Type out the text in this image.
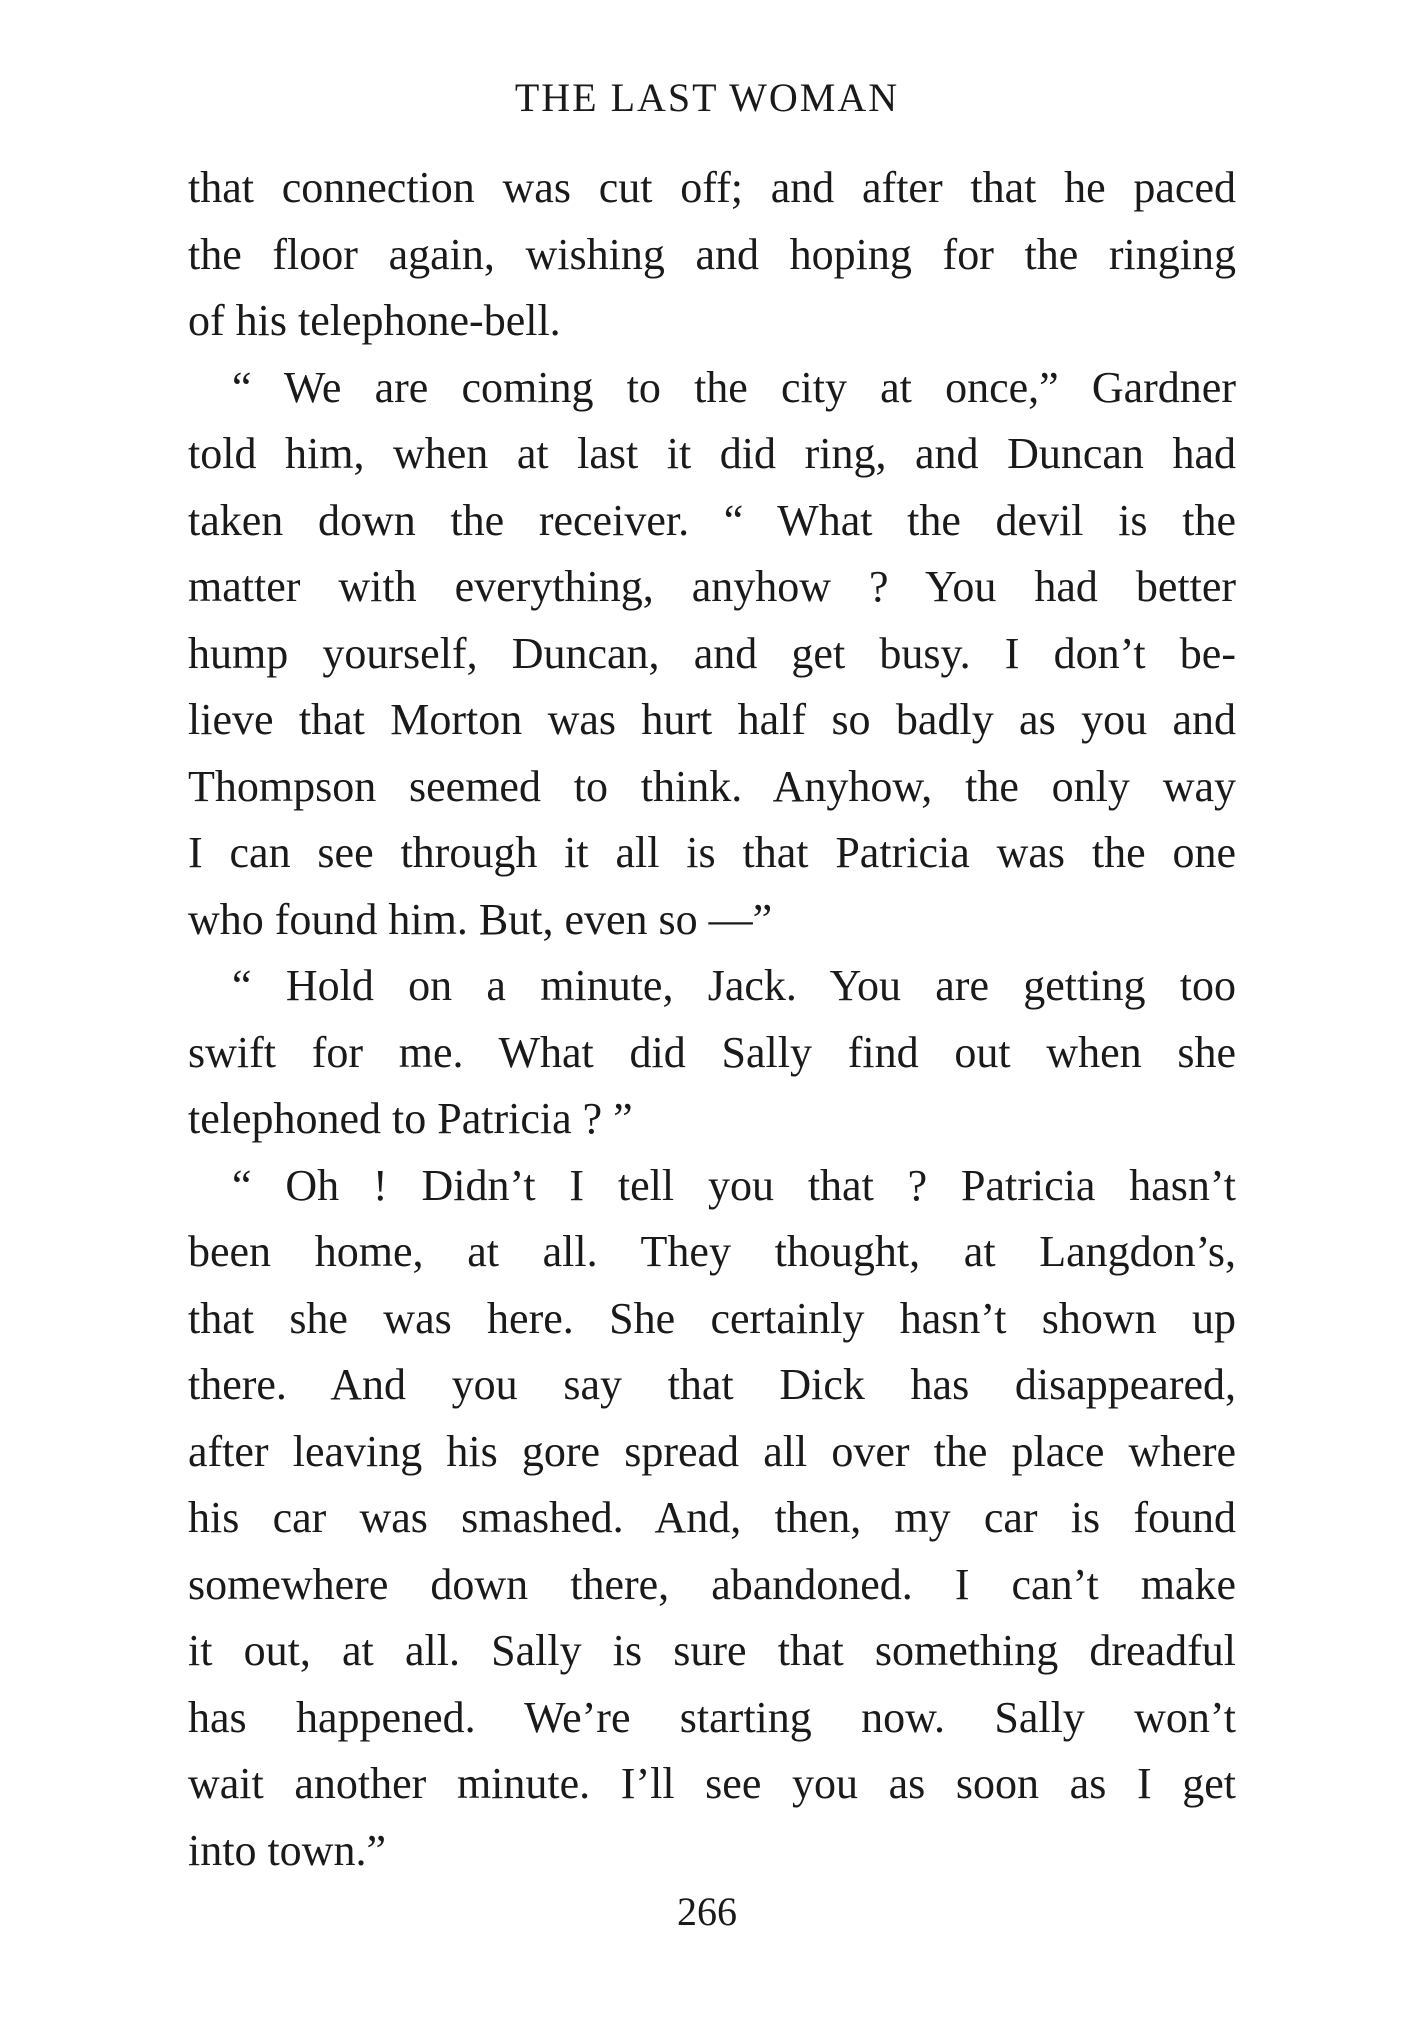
THE LAST WOMAN
that connection was cut off; and after that he paced
the floor again, wishing and hoping for the ringing
of his telephone-bell.
“ We are coming to the city at once,” Gardner
told him, when at last it did ring, and Duncan had
taken down the receiver. “ What the devil is the
matter with everything, anyhow ? You had better
hump yourself, Duncan, and get busy. I don’t be-
lieve that Morton was hurt half so badly as you and
Thompson seemed to think. Anyhow, the only way
I can see through it all is that Patricia was the one
who found him. But, even so —”
“ Hold on a minute, Jack. You are getting too
swift for me. What did Sally find out when she
telephoned to Patricia ? ”
“ Oh ! Didn’t I tell you that ? Patricia hasn’t
been home, at all. They thought, at Langdon’s,
that she was here. She certainly hasn’t shown up
there. And you say that Dick has disappeared,
after leaving his gore spread all over the place where
his car was smashed. And, then, my car is found
somewhere down there, abandoned. I can’t make
it out, at all. Sally is sure that something dreadful
has happened. We’re starting now. Sally won’t
wait another minute. I’ll see you as soon as I get
into town.”
266
